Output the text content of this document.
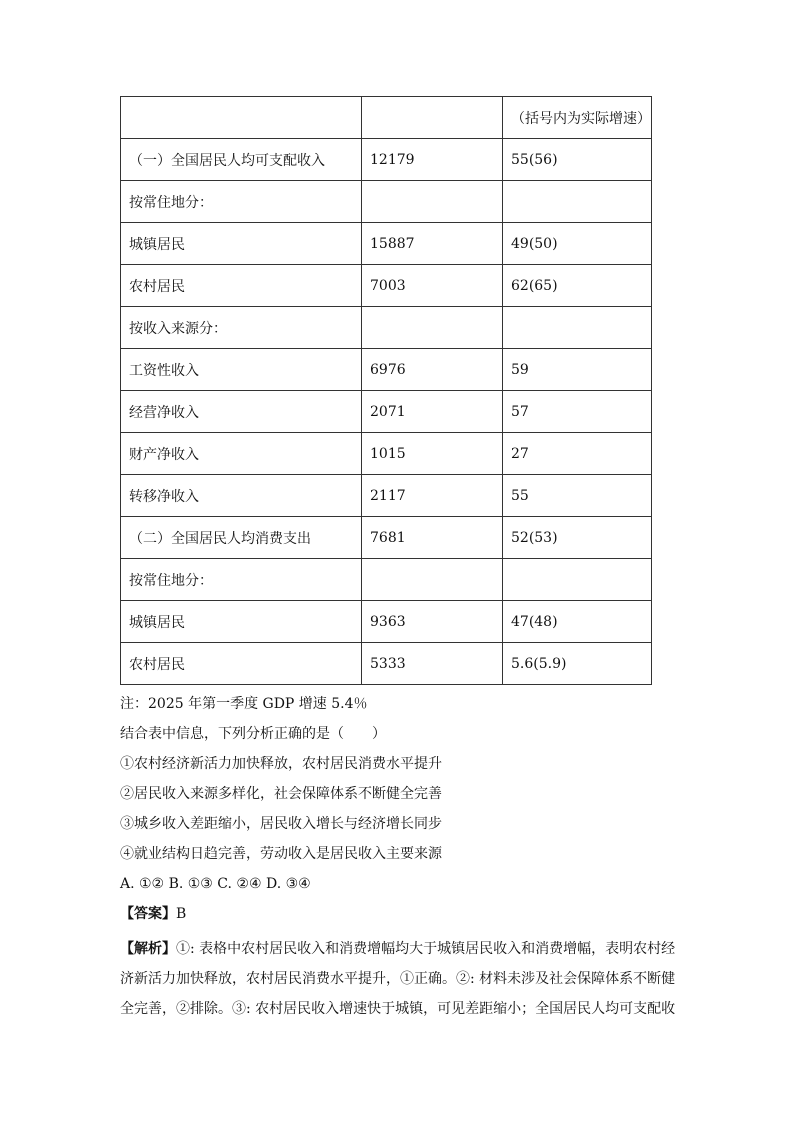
		（括号内为实际增速）
（一）全国居民人均可支配收入	12179	55(56)
按常住地分：		
城镇居民	15887	49(50)
农村居民	7003	62(65)
按收入来源分：		
工资性收入	6976	59
经营净收入	2071	57
财产净收入	1015	27
转移净收入	2117	55
（二）全国居民人均消费支出	7681	52(53)
按常住地分：		
城镇居民	9363	47(48)
农村居民	5333	5.6(5.9)

注：2025 年第一季度 GDP 增速 5.4％

结合表中信息，下列分析正确的是（　　）

①农村经济新活力加快释放，农村居民消费水平提升

②居民收入来源多样化，社会保障体系不断健全完善

③城乡收入差距缩小，居民收入增长与经济增长同步

④就业结构日趋完善，劳动收入是居民收入主要来源

A. ①② B. ①③ C. ②④ D. ③④

【答案】B

【解析】①: 表格中农村居民收入和消费增幅均大于城镇居民收入和消费增幅，表明农村经济新活力加快释放，农村居民消费水平提升，①正确。②: 材料未涉及社会保障体系不断健全完善，②排除。③: 农村居民收入增速快于城镇，可见差距缩小；全国居民人均可支配收
